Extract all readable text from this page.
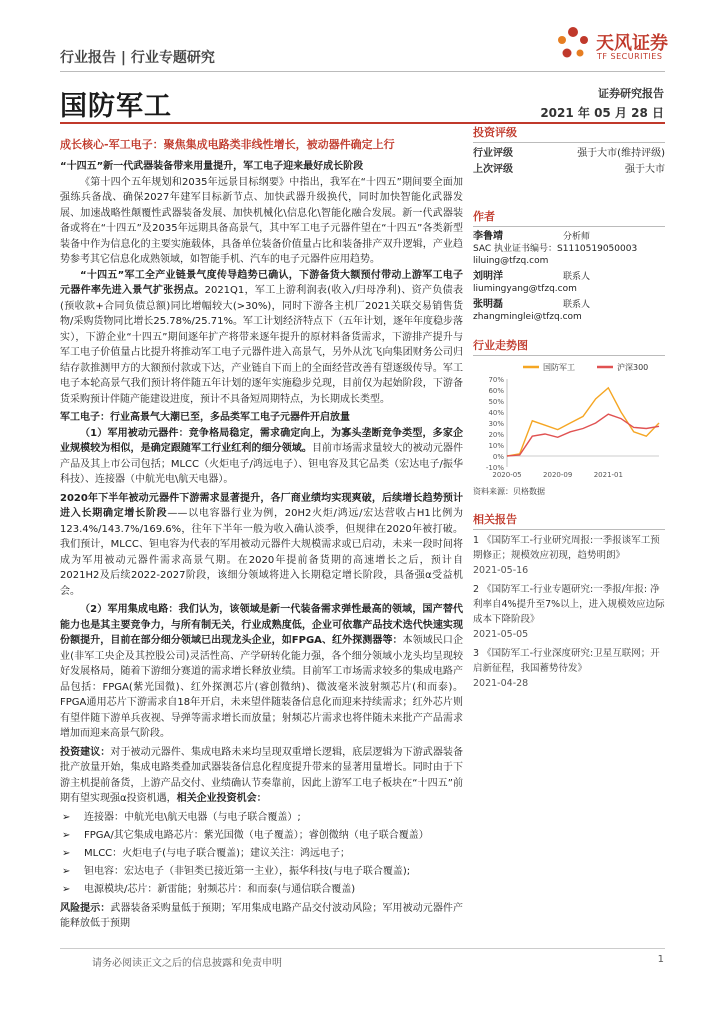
行业报告 | 行业专题研究
国防军工
天风证券
TF SECURITIES
证券研究报告
2021 年 05 月 28 日
成长核心-军工电子：聚焦集成电路类非线性增长，被动器件确定上行
“十四五”新一代武器装备带来用量提升，军工电子迎来最好成长阶段

《第十四个五年规划和2035年远景目标纲要》中指出，我军在“十四五”期间要全面加强练兵备战、确保2027年建军目标新节点、加快武器升级换代，同时加快智能化武器发展、加速战略性颠覆性武器装备发展、加快机械化\信息化\智能化融合发展。新一代武器装备或将在“十四五”及2035年远期具备高景气，其中军工电子元器件望在“十四五”各类新型装备中作为信息化的主要实施载体，具备单位装备价值量占比和装备排产双升逻辑，产业趋势参考其它信息化成熟领域，如智能手机、汽车的电子元器件应用趋势。

“十四五”军工全产业链景气度传导趋势已确认，下游备货大额预付带动上游军工电子元器件率先进入景气扩张拐点。2021Q1，军工上游利润表(收入/归母净利)、资产负债表(预收款+合同负债总额)同比增幅较大(>30%)，同时下游各主机厂2021关联交易销售货物/采购货物同比增长25.78%/25.71%。军工计划经济特点下（五年计划，逐年年度稳步落实），下游企业“十四五”期间逐年扩产将带来逐年提升的原材料备货需求，下游排产提升与军工电子价值量占比提升将推动军工电子元器件进入高景气，另外从沈飞向集团财务公司归结存款推测甲方的大额预付款或下达，产业链自下而上的全面经营改善有望逐级传导。军工电子本轮高景气我们预计将伴随五年计划的逐年实施稳步兑现，目前仅为起始阶段，下游备货采购预计伴随产能建设进度，预计不具备短周期特点，为长期成长类型。

军工电子：行业高景气大潮已至，多品类军工电子元器件开启放量

（1）军用被动元器件：竞争格局稳定，需求确定向上，为寡头垄断竞争类型，多家企业规模较为相似，是确定跟随军工行业红利的细分领域。目前市场需求量较大的被动元器件产品及其上市公司包括；MLCC（火炬电子/鸿远电子）、钽电容及其它品类（宏达电子/振华科技）、连接器（中航光电\航天电器）。

2020年下半年被动元器件下游需求显著提升，各厂商业绩均实现爽破，后续增长趋势预计进入长期确定增长阶段——以电容器行业为例，20H2火炬/鸿远/宏达营收占H1比例为123.4%/143.7%/169.6%，往年下半年一般为收入确认淡季，但规律在2020年被打破。我们预计，MLCC、钽电容为代表的军用被动元器件大规模需求或已启动，未来一段时间将成为军用被动元器件需求高景气期。在2020年提前备货期的高速增长之后，预计自2021H2及后续2022-2027阶段，该细分领域将进入长期稳定增长阶段，具备强α受益机会。

（2）军用集成电路：我们认为，该领域是新一代装备需求弹性最高的领域，国产替代能力也是其主要竞争力，与所有制无关，行业成熟度低，企业可依靠产品技术迭代快速实现份额提升，目前在部分细分领域已出现龙头企业，如FPGA、红外探测器等：本领域民口企业(非军工央企及其控股公司)灵活性高、产学研转化能力强，各个细分领域小龙头均呈现较好发展格局，随着下游细分赛道的需求增长释放业绩。目前军工市场需求较多的集成电路产品包括：FPGA(紫光国微)、红外探测芯片(睿创微纳)、微波毫米波射频芯片(和而泰)。FPGA通用芯片下游需求自18年开启，未来望伴随装备信息化而迎来持续需求；红外芯片则有望伴随下游单兵夜视、导弹等需求增长而放量；射频芯片需求也将伴随未来批产产品需求增加而迎来高景气阶段。

投资建议：对于被动元器件、集成电路未来均呈现双重增长逻辑，底层逻辑为下游武器装备批产放量开始，集成电路类叠加武器装备信息化程度提升带来的显著用量增长。同时由于下游主机提前备货，上游产品交付、业绩确认节奏靠前，因此上游军工电子板块在“十四五”前期有望实现强α投资机遇，相关企业投资机会：

➢ 连接器：中航光电\航天电器（与电子联合覆盖）;
➢ FPGA/其它集成电路芯片：紫光国微（电子覆盖）；睿创微纳（电子联合覆盖）
➢ MLCC：火炬电子(与电子联合覆盖)；建议关注：鸿远电子；
➢ 钽电容：宏达电子（非钽类已接近第一主业），振华科技(与电子联合覆盖);
➢ 电源模块/芯片：新雷能；射频芯片：和而泰(与通信联合覆盖)

风险提示：武器装备采购量低于预期；军用集成电路产品交付波动风险；军用被动元器件产能释放低于预期

投资评级
行业评级	强于大市(维持评级)
上次评级	强于大市
作者
李鲁靖	分析师
SAC 执业证书编号：S1110519050003
liluing@tfzq.com
刘明洋	联系人
liumingyang@tfzq.com
张明磊	联系人
zhangminglei@tfzq.com
行业走势图
国防军工	沪深300
70%
60%
50%
40%
30%
20%
10%
0%
-10%
2020-05	2020-09	2021-01
资料来源：贝格数据
相关报告
1 《国防军工-行业研究周报:一季报谈军工预期修正；规模效应初现，趋势明朗》
2021-05-16
2 《国防军工-行业专题研究:一季报/年报: 净利率自4%提升至7%以上，进入规模效应边际成本下降阶段》
2021-05-05
3 《国防军工-行业深度研究:卫星互联网；开启新征程，我国蓄势待发》
2021-04-28
请务必阅读正文之后的信息披露和免责申明	1
